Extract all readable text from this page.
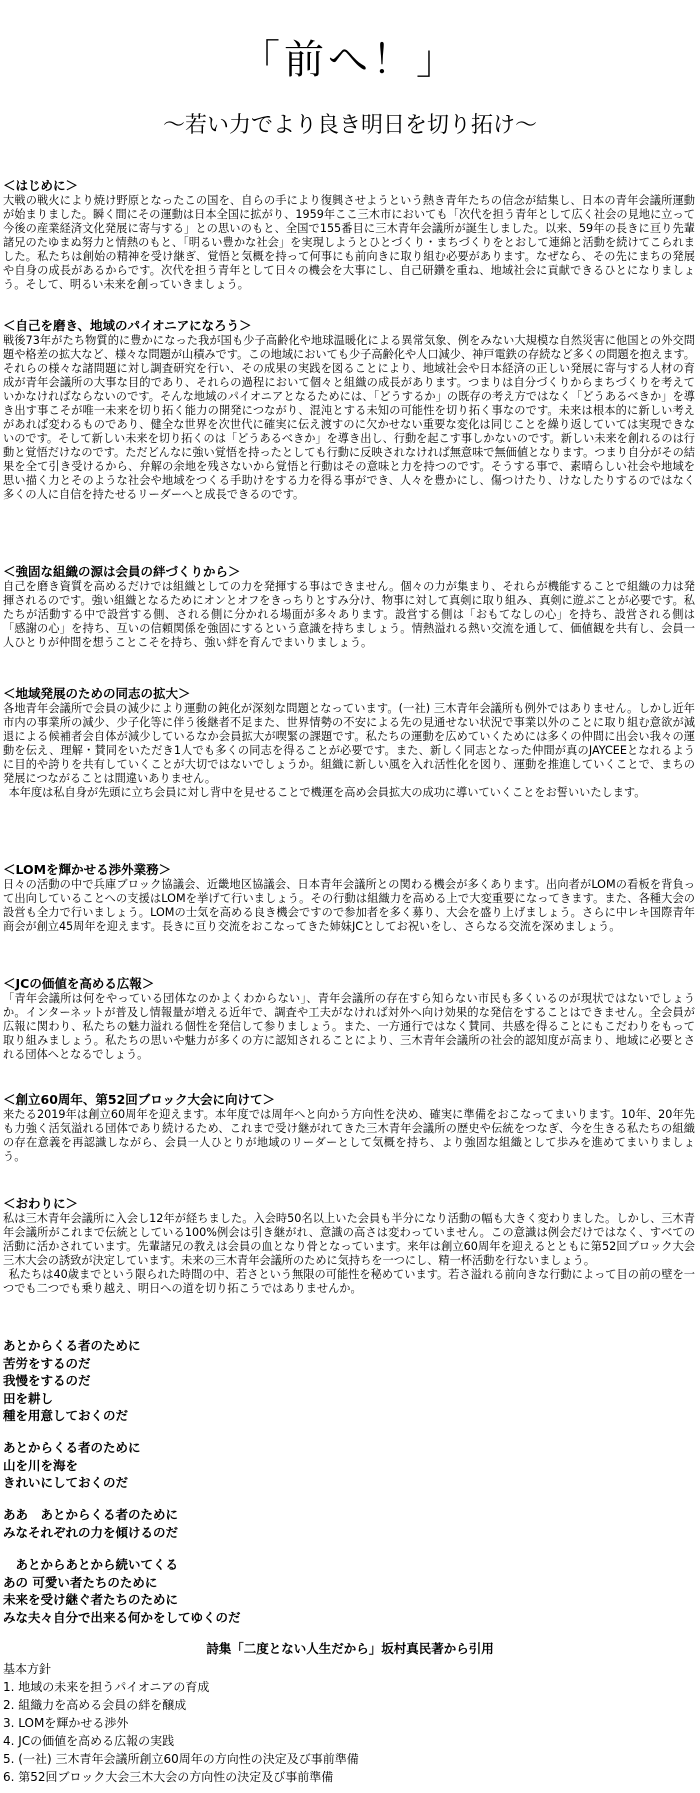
「前へ！」
～若い力でより良き明日を切り拓け～
＜はじめに＞

大戦の戦火により焼け野原となったこの国を、自らの手により復興させようという熱き青年たちの信念が結集し、日本の青年会議所運動が始まりました。瞬く間にその運動は日本全国に拡がり、1959年ここ三木市においても「次代を担う青年として広く社会の見地に立って今後の産業経済文化発展に寄与する」との思いのもと、全国で155番目に三木青年会議所が誕生しました。以来、59年の長きに亘り先輩諸兄のたゆまぬ努力と情熱のもと、「明るい豊かな社会」を実現しようとひとづくり・まちづくりをとおして連綿と活動を続けてこられました。私たちは創始の精神を受け継ぎ、覚悟と気概を持って何事にも前向きに取り組む必要があります。なぜなら、その先にまちの発展や自身の成長があるからです。次代を担う青年として日々の機会を大事にし、自己研鑽を重ね、地域社会に貢献できるひとになりましょう。そして、明るい未来を創っていきましょう。

＜自己を磨き、地域のパイオニアになろう＞

戦後73年がたち物質的に豊かになった我が国も少子高齢化や地球温暖化による異常気象、例をみない大規模な自然災害に他国との外交問題や格差の拡大など、様々な問題が山積みです。この地域においても少子高齢化や人口減少、神戸電鉄の存続など多くの問題を抱えます。それらの様々な諸問題に対し調査研究を行い、その成果の実践を図ることにより、地域社会や日本経済の正しい発展に寄与する人材の育成が青年会議所の大事な目的であり、それらの過程において個々と組織の成長があります。つまりは自分づくりからまちづくりを考えていかなければならないのです。そんな地域のパイオニアとなるためには、「どうするか」の既存の考え方ではなく「どうあるべきか」を導き出す事こそが唯一未来を切り拓く能力の開発につながり、混沌とする未知の可能性を切り拓く事なのです。未来は根本的に新しい考えがあれば変わるものであり、健全な世界を次世代に確実に伝え渡すのに欠かせない重要な変化は同じことを繰り返していては実現できないのです。そして新しい未来を切り拓くのは「どうあるべきか」を導き出し、行動を起こす事しかないのです。新しい未来を創れるのは行動と覚悟だけなのです。ただどんなに強い覚悟を持ったとしても行動に反映されなければ無意味で無価値となります。つまり自分がその結果を全て引き受けるから、弁解の余地を残さないから覚悟と行動はその意味と力を持つのです。そうする事で、素晴らしい社会や地域を思い描く力とそのような社会や地域をつくる手助けをする力を得る事ができ、人々を豊かにし、傷つけたり、けなしたりするのではなく多くの人に自信を持たせるリーダーへと成長できるのです。

＜強固な組織の源は会員の絆づくりから＞

自己を磨き資質を高めるだけでは組織としての力を発揮する事はできません。個々の力が集まり、それらが機能することで組織の力は発揮されるのです。強い組織となるためにオンとオフをきっちりとすみ分け、物事に対して真剣に取り組み、真剣に遊ぶことが必要です。私たちが活動する中で設営する側、される側に分かれる場面が多々あります。設営する側は「おもてなしの心」を持ち、設営される側は「感謝の心」を持ち、互いの信頼関係を強固にするという意識を持ちましょう。情熱溢れる熱い交流を通して、価値観を共有し、会員一人ひとりが仲間を想うことこそを持ち、強い絆を育んでまいりましょう。

＜地域発展のための同志の拡大＞

各地青年会議所で会員の減少により運動の鈍化が深刻な問題となっています。(一社) 三木青年会議所も例外ではありません。しかし近年市内の事業所の減少、少子化等に伴う後継者不足また、世界情勢の不安による先の見通せない状況で事業以外のことに取り組む意欲が減退による候補者会自体が減少しているなか会員拡大が喫緊の課題です。私たちの運動を広めていくためには多くの仲間に出会い我々の運動を伝え、理解・賛同をいただき1人でも多くの同志を得ることが必要です。また、新しく同志となった仲間が真のJAYCEEとなれるように目的や誇りを共有していくことが大切ではないでしょうか。組織に新しい風を入れ活性化を図り、運動を推進していくことで、まちの発展につながることは間違いありません。

本年度は私自身が先頭に立ち会員に対し背中を見せることで機運を高め会員拡大の成功に導いていくことをお誓いいたします。

＜LOMを輝かせる渉外業務＞

日々の活動の中で兵庫ブロック協議会、近畿地区協議会、日本青年会議所との関わる機会が多くあります。出向者がLOMの看板を背負って出向していることへの支援はLOMを挙げて行いましょう。その行動は組織力を高める上で大変重要になってきます。また、各種大会の設営も全力で行いましょう。LOMの士気を高める良き機会ですので参加者を多く募り、大会を盛り上げましょう。さらに中レキ国際青年商会が創立45周年を迎えます。長きに亘り交流をおこなってきた姉妹JCとしてお祝いをし、さらなる交流を深めましょう。

＜JCの価値を高める広報＞

「青年会議所は何をやっている団体なのかよくわからない」、青年会議所の存在すら知らない市民も多くいるのが現状ではないでしょうか。インターネットが普及し情報量が増える近年で、調査や工夫がなければ対外へ向け効果的な発信をすることはできません。全会員が広報に関わり、私たちの魅力溢れる個性を発信して参りましょう。また、一方通行ではなく賛同、共感を得ることにもこだわりをもって取り組みましょう。私たちの思いや魅力が多くの方に認知されることにより、三木青年会議所の社会的認知度が高まり、地域に必要とされる団体へとなるでしょう。

＜創立60周年、第52回ブロック大会に向けて＞

来たる2019年は創立60周年を迎えます。本年度では周年へと向かう方向性を決め、確実に準備をおこなってまいります。10年、20年先も力強く活気溢れる団体であり続けるため、これまで受け継がれてきた三木青年会議所の歴史や伝統をつなぎ、今を生きる私たちの組織の存在意義を再認識しながら、会員一人ひとりが地域のリーダーとして気概を持ち、より強固な組織として歩みを進めてまいりましょう。

＜おわりに＞

私は三木青年会議所に入会し12年が経ちました。入会時50名以上いた会員も半分になり活動の幅も大きく変わりました。しかし、三木青年会議所がこれまで伝統としている100%例会は引き継がれ、意識の高さは変わっていません。この意識は例会だけではなく、すべての活動に活かされています。先輩諸兄の教えは会員の血となり骨となっています。来年は創立60周年を迎えるとともに第52回ブロック大会三木大会の誘致が決定しています。未来の三木青年会議所のために気持ちを一つにし、精一杯活動を行ないましょう。

私たちは40歳までという限られた時間の中、若さという無限の可能性を秘めています。若さ溢れる前向きな行動によって目の前の壁を一つでも二つでも乗り越え、明日への道を切り拓こうではありませんか。

あとからくる者のために
苦労をするのだ
我慢をするのだ
田を耕し
種を用意しておくのだ
あとからくる者のために
山を川を海を
きれいにしておくのだ
ああ　あとからくる者のために
みなそれぞれの力を傾けるのだ
　あとからあとから続いてくる
あの 可愛い者たちのために
未来を受け継ぐ者たちのために
みな夫々自分で出来る何かをしてゆくのだ
詩集「二度とない人生だから」坂村真民著から引用
基本方針
1. 地域の未来を担うパイオニアの育成
2. 組織力を高める会員の絆を醸成
3. LOMを輝かせる渉外
4. JCの価値を高める広報の実践
5. (一社) 三木青年会議所創立60周年の方向性の決定及び事前準備
6. 第52回ブロック大会三木大会の方向性の決定及び事前準備
